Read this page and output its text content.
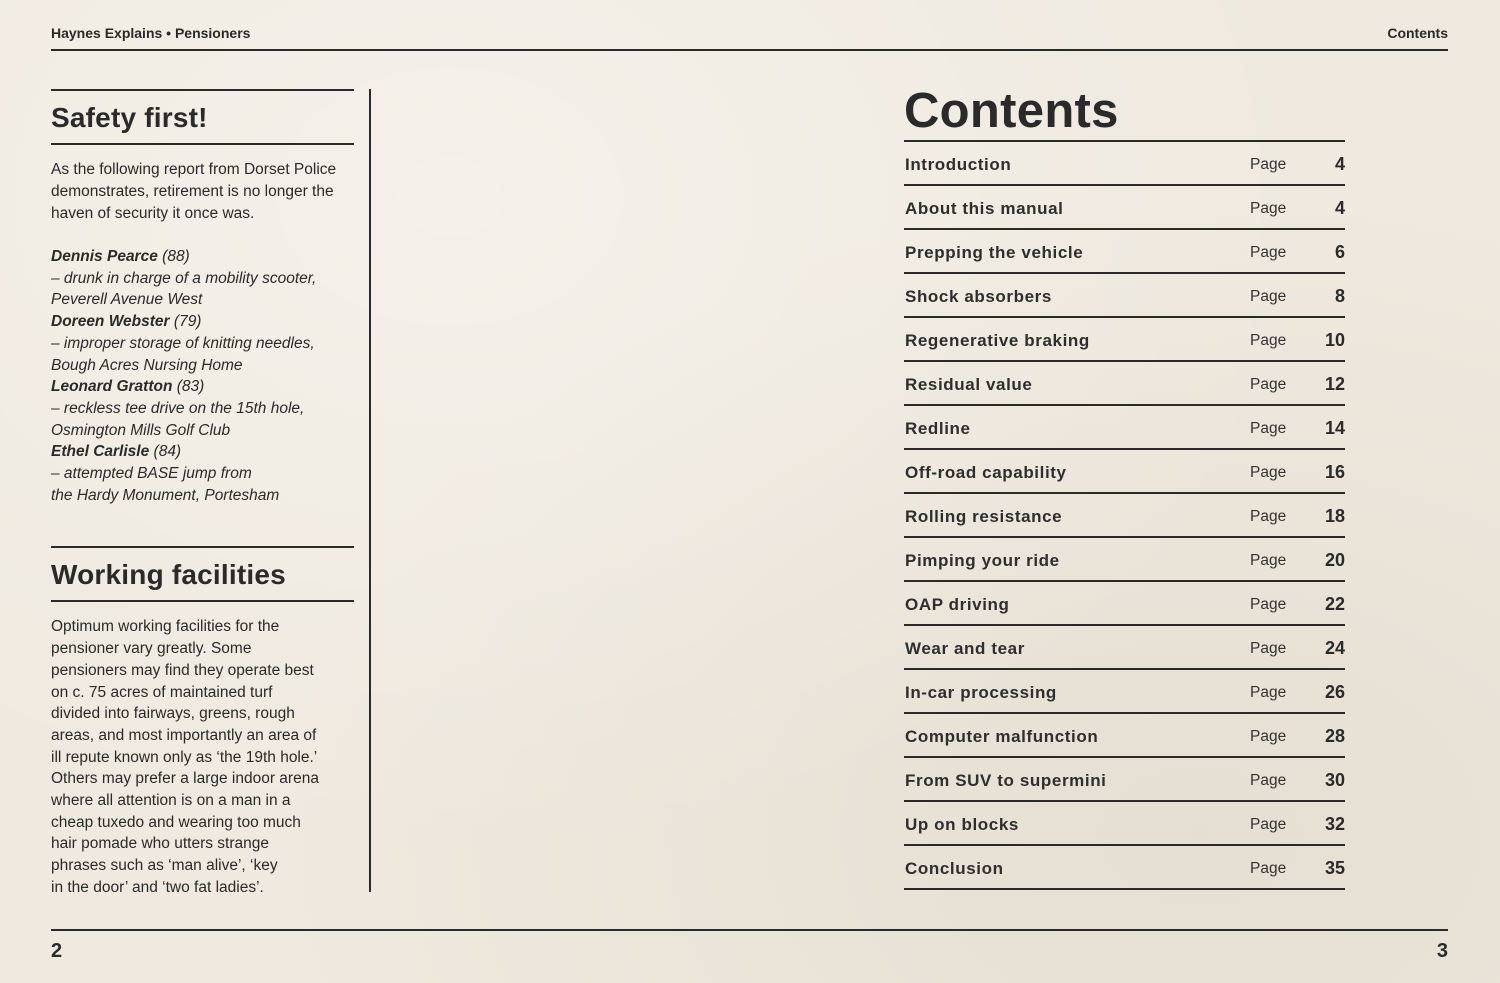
Haynes Explains • Pensioners	Contents
Safety first!
As the following report from Dorset Police demonstrates, retirement is no longer the haven of security it once was.
Dennis Pearce (88)
– drunk in charge of a mobility scooter,
Peverell Avenue West
Doreen Webster (79)
– improper storage of knitting needles,
Bough Acres Nursing Home
Leonard Gratton (83)
– reckless tee drive on the 15th hole,
Osmington Mills Golf Club
Ethel Carlisle (84)
– attempted BASE jump from
the Hardy Monument, Portesham
Working facilities
Optimum working facilities for the
pensioner vary greatly. Some
pensioners may find they operate best
on c. 75 acres of maintained turf
divided into fairways, greens, rough
areas, and most importantly an area of
ill repute known only as ‘the 19th hole.’
Others may prefer a large indoor arena
where all attention is on a man in a
cheap tuxedo and wearing too much
hair pomade who utters strange
phrases such as ‘man alive’, ‘key
in the door’ and ‘two fat ladies’.
Contents
Introduction	Page	4
About this manual	Page	4
Prepping the vehicle	Page	6
Shock absorbers	Page	8
Regenerative braking	Page 10
Residual value	Page 12
Redline	Page 14
Off-road capability	Page 16
Rolling resistance	Page 18
Pimping your ride	Page 20
OAP driving	Page 22
Wear and tear	Page 24
In-car processing	Page 26
Computer malfunction	Page 28
From SUV to supermini	Page 30
Up on blocks	Page 32
Conclusion	Page 35
2	3
